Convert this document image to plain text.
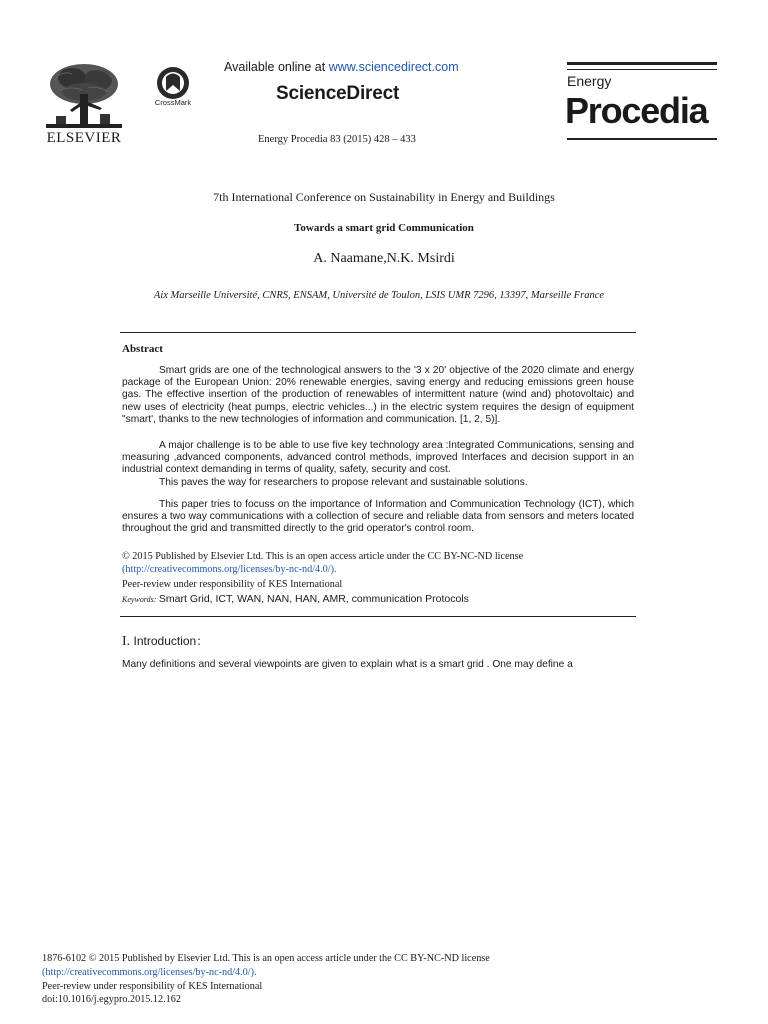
ELSEVIER
CrossMark
Available online at www.sciencedirect.com
ScienceDirect
Energy Procedia 83 (2015) 428 – 433
Energy
Procedia
7th International Conference on Sustainability in Energy and Buildings
Towards a smart grid Communication
A. Naamane,N.K. Msirdi
Aix Marseille Université, CNRS, ENSAM, Université de Toulon, LSIS UMR 7296, 13397, Marseille France
Abstract
Smart grids are one of the technological answers to the '3 x 20' objective of the 2020 climate and energy package of the European Union: 20% renewable energies, saving energy and reducing emissions green house gas. The effective insertion of the production of renewables of intermittent nature (wind and) photovoltaic) and new uses of electricity (heat pumps, electric vehicles...) in the electric system requires the design of equipment "smart', thanks to the new technologies of information and communication. [1, 2, 5)].
A major challenge is to be able to use five key technology area :Integrated Communications, sensing and measuring ,advanced components, advanced control methods, improved Interfaces and decision support in an industrial context demanding in terms of quality, safety, security and cost.
This paves the way for researchers to propose relevant and sustainable solutions.
This paper tries to focuss on the importance of Information and Communication Technology (ICT), which ensures a two way communications with a collection of secure and reliable data from sensors and meters located throughout the grid and transmitted directly to the grid operator's control room.
© 2015 Published by Elsevier Ltd. This is an open access article under the CC BY-NC-ND license
(http://creativecommons.org/licenses/by-nc-nd/4.0/).
Peer-review under responsibility of KES International
Keywords: Smart Grid, ICT, WAN, NAN, HAN, AMR, communication Protocols
I. Introduction：
Many definitions and several viewpoints are given to explain what is a smart grid . One may define a
1876-6102 © 2015 Published by Elsevier Ltd. This is an open access article under the CC BY-NC-ND license
(http://creativecommons.org/licenses/by-nc-nd/4.0/).
Peer-review under responsibility of KES International
doi:10.1016/j.egypro.2015.12.162
